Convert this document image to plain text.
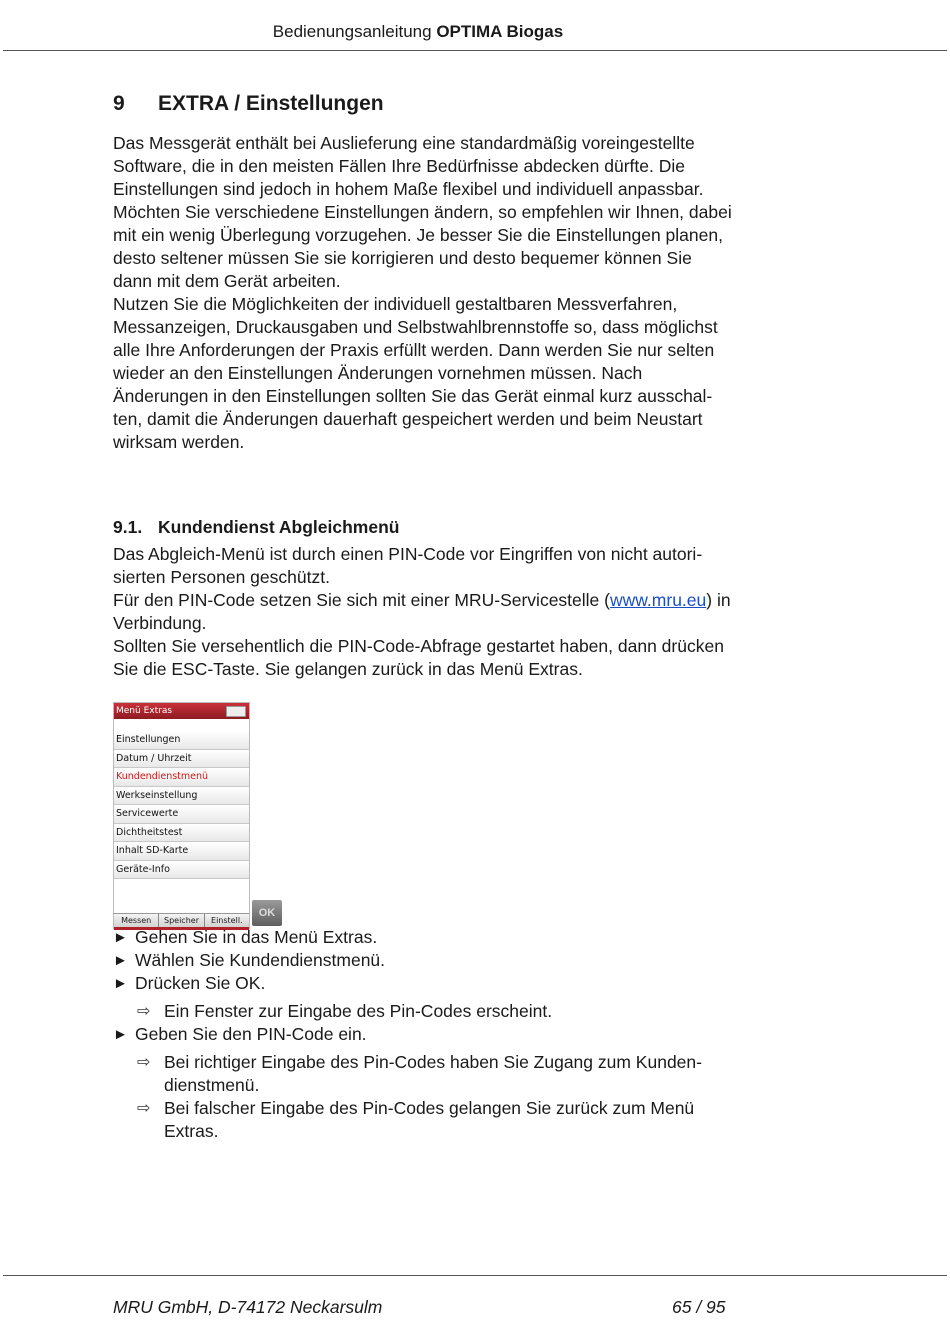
Bedienungsanleitung OPTIMA Biogas
9 EXTRA / Einstellungen

Das Messgerät enthält bei Auslieferung eine standardmäßig voreingestellte Software, die in den meisten Fällen Ihre Bedürfnisse abdecken dürfte. Die Einstellungen sind jedoch in hohem Maße flexibel und individuell anpassbar.

Möchten Sie verschiedene Einstellungen ändern, so empfehlen wir Ihnen, dabei mit ein wenig Überlegung vorzugehen. Je besser Sie die Einstellungen planen, desto seltener müssen Sie sie korrigieren und desto bequemer können Sie dann mit dem Gerät arbeiten.

Nutzen Sie die Möglichkeiten der individuell gestaltbaren Messverfahren, Messanzeigen, Druckausgaben und Selbstwahlbrennstoffe so, dass möglichst alle Ihre Anforderungen der Praxis erfüllt werden. Dann werden Sie nur selten wieder an den Einstellungen Änderungen vornehmen müssen. Nach Änderungen in den Einstellungen sollten Sie das Gerät einmal kurz ausschalten, damit die Änderungen dauerhaft gespeichert werden und beim Neustart wirksam werden.

9.1. Kundendienst Abgleichmenü

Das Abgleich-Menü ist durch einen PIN-Code vor Eingriffen von nicht autorisierten Personen geschützt.

Für den PIN-Code setzen Sie sich mit einer MRU-Servicestelle (www.mru.eu) in Verbindung.

Sollten Sie versehentlich die PIN-Code-Abfrage gestartet haben, dann drücken Sie die ESC-Taste. Sie gelangen zurück in das Menü Extras.

Menü Extras
Einstellungen
Datum / Uhrzeit
Kundendienstmenü
Werkseinstellung
Servicewerte
Dichtheitstest
Inhalt SD-Karte
Geräte-Info
Messen	Speicher	Einstell.
OK
► Gehen Sie in das Menü Extras.
► Wählen Sie Kundendienstmenü.
► Drücken Sie OK.
⇨ Ein Fenster zur Eingabe des Pin-Codes erscheint.
► Geben Sie den PIN-Code ein.
⇨ Bei richtiger Eingabe des Pin-Codes haben Sie Zugang zum Kundendienstmenü.
⇨ Bei falscher Eingabe des Pin-Codes gelangen Sie zurück zum Menü Extras.
MRU GmbH, D-74172 Neckarsulm	65 / 95
